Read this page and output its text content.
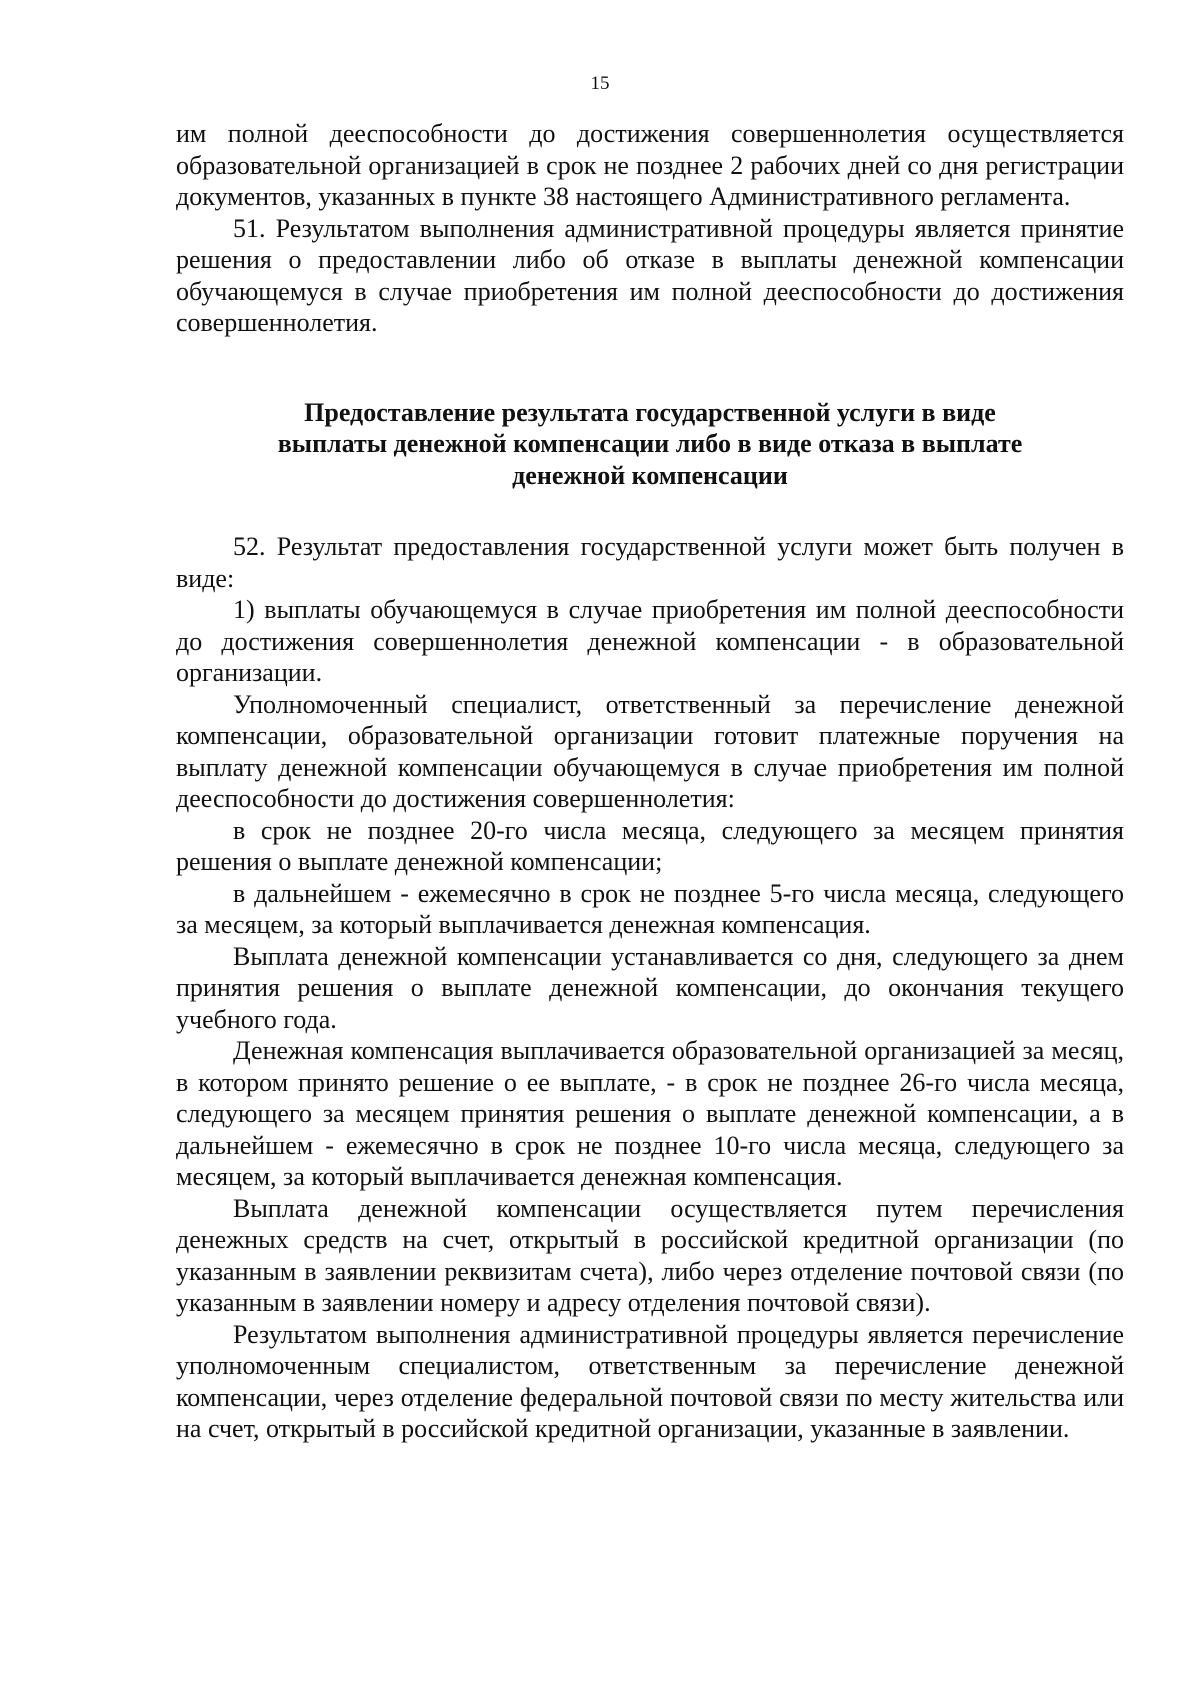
15

им полной дееспособности до достижения совершеннолетия осуществляется образовательной организацией в срок не позднее 2 рабочих дней со дня регистрации документов, указанных в пункте 38 настоящего Административного регламента.

51. Результатом выполнения административной процедуры является принятие решения о предоставлении либо об отказе в выплаты денежной компенсации обучающемуся в случае приобретения им полной дееспособности до достижения совершеннолетия.

Предоставление результата государственной услуги в виде выплаты денежной компенсации либо в виде отказа в выплате денежной компенсации

52. Результат предоставления государственной услуги может быть получен в виде:

1) выплаты обучающемуся в случае приобретения им полной дееспособности до достижения совершеннолетия денежной компенсации - в образовательной организации.

Уполномоченный специалист, ответственный за перечисление денежной компенсации, образовательной организации готовит платежные поручения на выплату денежной компенсации обучающемуся в случае приобретения им полной дееспособности до достижения совершеннолетия:

в срок не позднее 20-го числа месяца, следующего за месяцем принятия решения о выплате денежной компенсации;

в дальнейшем - ежемесячно в срок не позднее 5-го числа месяца, следующего за месяцем, за который выплачивается денежная компенсация.

Выплата денежной компенсации устанавливается со дня, следующего за днем принятия решения о выплате денежной компенсации, до окончания текущего учебного года.

Денежная компенсация выплачивается образовательной организацией за месяц, в котором принято решение о ее выплате, - в срок не позднее 26-го числа месяца, следующего за месяцем принятия решения о выплате денежной компенсации, а в дальнейшем - ежемесячно в срок не позднее 10-го числа месяца, следующего за месяцем, за который выплачивается денежная компенсация.

Выплата денежной компенсации осуществляется путем перечисления денежных средств на счет, открытый в российской кредитной организации (по указанным в заявлении реквизитам счета), либо через отделение почтовой связи (по указанным в заявлении номеру и адресу отделения почтовой связи).

Результатом выполнения административной процедуры является перечисление уполномоченным специалистом, ответственным за перечисление денежной компенсации, через отделение федеральной почтовой связи по месту жительства или на счет, открытый в российской кредитной организации, указанные в заявлении.
